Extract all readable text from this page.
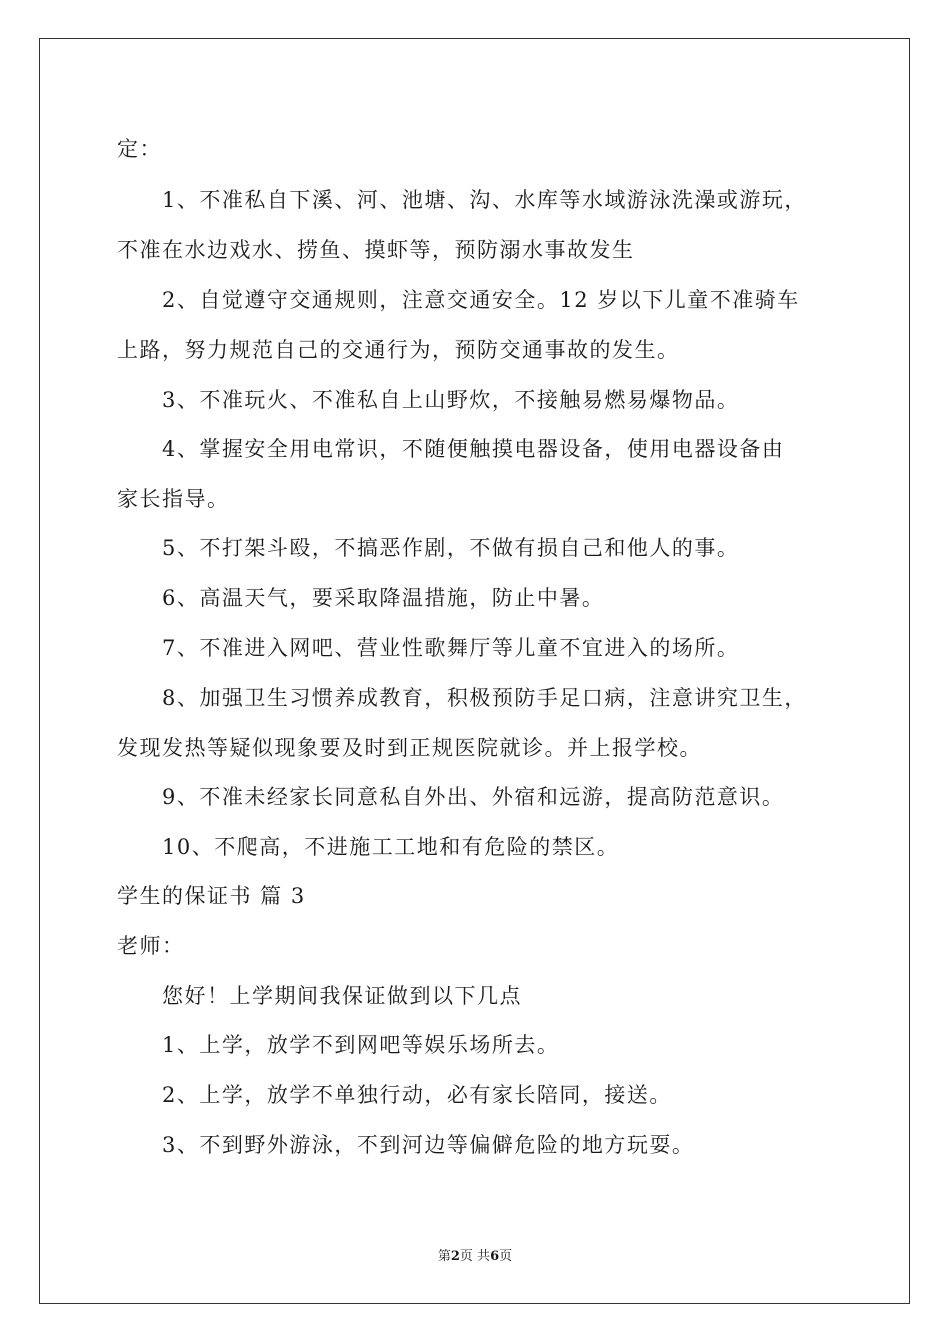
定：
1、不准私自下溪、河、池塘、沟、水库等水域游泳洗澡或游玩，
不准在水边戏水、捞鱼、摸虾等，预防溺水事故发生
2、自觉遵守交通规则，注意交通安全。12 岁以下儿童不准骑车
上路，努力规范自己的交通行为，预防交通事故的发生。
3、不准玩火、不准私自上山野炊，不接触易燃易爆物品。
4、掌握安全用电常识，不随便触摸电器设备，使用电器设备由
家长指导。
5、不打架斗殴，不搞恶作剧，不做有损自己和他人的事。
6、高温天气，要采取降温措施，防止中暑。
7、不准进入网吧、营业性歌舞厅等儿童不宜进入的场所。
8、加强卫生习惯养成教育，积极预防手足口病，注意讲究卫生，
发现发热等疑似现象要及时到正规医院就诊。并上报学校。
9、不准未经家长同意私自外出、外宿和远游，提高防范意识。
10、不爬高，不进施工工地和有危险的禁区。
学生的保证书 篇 3
老师：
您好！上学期间我保证做到以下几点
1、上学，放学不到网吧等娱乐场所去。
2、上学，放学不单独行动，必有家长陪同，接送。
3、不到野外游泳，不到河边等偏僻危险的地方玩耍。
第2页 共6页
